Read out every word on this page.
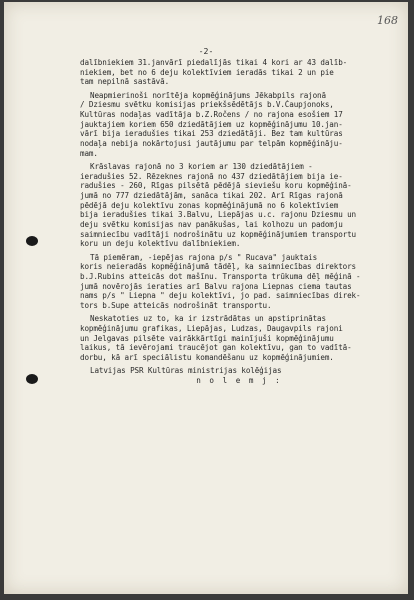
168
-2-

dalībniekiem 31.janvārī piedalījās tikai 4 kori ar 43 dalīb-
niekiem, bet no 6 deju kolektīviem ieradās tikai 2 un pie
tam nepilnā sastāvā.

Neapmierinoši norītēja kopmēģinājums Jēkabpils rajonā
/ Dziesmu svētku komisijas priekšsēdētājs b.V.Čaupjonoks,
Kultūras nodaļas vadītāja b.Z.Ročens / no rajona esošiem 17
jauktajiem koriem 650 dziedātājiem uz kopmēģinājumu 10.jan-
vārī bija ieradušies tikai 253 dziedātāji. Bez tam kultūras
nodaļa nebija nokārtojusi jautājumu par telpām kopmēģināju-
mam.

Krāslavas rajonā no 3 koriem ar 130 dziedātājiem -
ieradušies 52. Rēzeknes rajonā no 437 dziedātājiem bija ie-
radušies - 260, Rīgas pilsētā pēdējā sieviešu koru kopmēģinā-
jumā no 777 dziedātājām, sanāca tikai 202. Arī Rīgas rajonā
pēdējā deju kolektīvu zonas kopmēģinājumā no 6 kolektīviem
bija ieradušies tikai 3.Balvu, Liepājas u.c. rajonu Dziesmu un
deju svētku komisijas nav panākušas, lai kolhozu un padomju
saimniecību vadītāji nodrošinātu uz kopmēģinājumiem transportu
koru un deju kolektīvu dalībniekiem.

Tā piemēram, -iepējas rajona p/s " Rucava" jauktais
koris neieradās kopmēģinājumā tādēļ, ka saimniecības direktors
b.J.Rubins atteicās dot mašīnu. Transporta trūkuma dēļ mēģinā -
jumā novērojās ieraties arī Balvu rajona Liepnas ciema tautas
nams p/s " Liepna " deju kolektīvi, jo pad. saimniecības direk-
tors b.Supe atteicās nodrošināt transportu.

Neskatoties uz to, ka ir izstrādātas un apstiprinātas
kopmēģinājumu grafikas, Liepājas, Ludzas, Daugavpils rajoni
un Jelgavas pilsēte vairākkārtīgi mainījuši kopmēģinājumu
laikus, tā ievērojami traucējot gan kolektīvu, gan to vadītā-
dorbu, kā arī speciālistu komandēšanu uz kopmēģinājumiem.

Latvijas PSR Kultūras ministrijas kolēģijas
n o l e m j :
